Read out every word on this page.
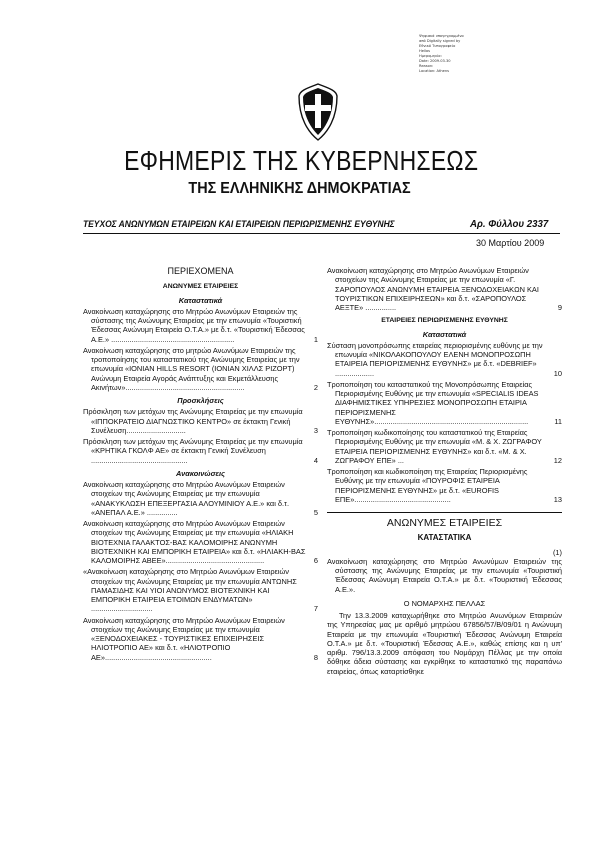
Ψηφιακά υπογεγραμμένο
από Digitally signed by
Εθνικό Τυπογραφείο
Hellas
Ημερομηνία:
Date: 2009.03.30
Reason:
Location: Athens
ΕΦΗΜΕΡΙΣ ΤΗΣ ΚΥΒΕΡΝΗΣΕΩΣ
ΤΗΣ ΕΛΛΗΝΙΚΗΣ ΔΗΜΟΚΡΑΤΙΑΣ
ΤΕΥΧΟΣ ΑΝΩΝΥΜΩΝ ΕΤΑΙΡΕΙΩΝ ΚΑΙ ΕΤΑΙΡΕΙΩΝ ΠΕΡΙΩΡΙΣΜΕΝΗΣ ΕΥΘΥΝΗΣ	Αρ. Φύλλου 2337
30 Μαρτίου 2009
ΠΕΡΙΕΧΟΜΕΝΑ
ΑΝΩΝΥΜΕΣ ΕΤΑΙΡΕΙΕΣ
Καταστατικά
Ανακοίνωση καταχώρησης στο Μητρώο Ανωνύμων Εταιρειών της σύστασης της Ανώνυμης Εταιρείας με την επωνυμία «Τουριστική Έδεσσας Ανώνυμη Εταιρεία Ο.Τ.Α.» με δ.τ. «Τουριστική Έδεσσας Α.Ε.» ............................................................	1
Ανακοίνωση καταχώρησης στο μητρώο Ανωνύμων Εταιρειών της τροποποίησης του καταστατικού της Ανώνυμης Εταιρείας με την επωνυμία «IONIAN HILLS RESORT (ΙΟΝΙΑΝ ΧΙΛΛΣ ΡΙΖΟΡΤ) Ανώνυμη Εταιρεία Αγοράς Ανάπτυξης και Εκμετάλλευσης Ακινήτων»..........................................................	2
Προσκλήσεις
Πρόσκληση των μετόχων της Ανώνυμης Εταιρείας με την επωνυμία «ΙΠΠΟΚΡΑΤΕΙΟ ΔΙΑΓΝΩΣΤΙΚΟ ΚΕΝΤΡΟ» σε έκτακτη Γενική Συνέλευση.............................	3
Πρόσκληση των μετόχων της Ανώνυμης Εταιρείας με την επωνυμία «ΚΡΗΤΙΚΑ ΓΚΟΛΦ ΑΕ» σε έκτακτη Γενική Συνέλευση ...............................................	4
Ανακοινώσεις
Ανακοίνωση καταχώρησης στο Μητρώο Ανωνύμων Εταιρειών στοιχείων της Ανώνυμης Εταιρείας με την επωνυμία «ΑΝΑΚΥΚΛΩΣΗ ΕΠΕΞΕΡΓΑΣΙΑ ΑΛΟΥΜΙΝΙΟΥ Α.Ε.» και δ.τ. «ΑΝΕΠΑΛ Α.Ε.» ...............	5
Ανακοίνωση καταχώρησης στο Μητρώο Ανωνύμων Εταιρειών στοιχείων της Ανώνυμης Εταιρείας με την επωνυμία «ΗΛΙΑΚΗ ΒΙΟΤΕΧΝΙΑ ΓΑΛΑΚΤΟΣ-ΒΑΣ ΚΑΛΟΜΟΙΡΗΣ ΑΝΩΝΥΜΗ ΒΙΟΤΕΧΝΙΚΗ ΚΑΙ ΕΜΠΟΡΙΚΗ ΕΤΑΙΡΕΙΑ» και δ.τ. «ΗΛΙΑΚΗ-ΒΑΣ ΚΑΛΟΜΟΙΡΗΣ ΑΒΕΕ»................................................	6
«Ανακοίνωση καταχώρησης στο Μητρώο Ανωνύμων Εταιρειών στοιχείων της Ανώνυμης Εταιρείας με την επωνυμία ΑΝΤΩΝΗΣ ΠΑΜΑΣΙΔΗΣ ΚΑΙ ΥΙΟΙ ΑΝΩΝΥΜΟΣ ΒΙΟΤΕΧΝΙΚΗ ΚΑΙ ΕΜΠΟΡΙΚΗ ΕΤΑΙΡΕΙΑ ΕΤΟΙΜΩΝ ΕΝΔΥΜΑΤΩΝ» ..............................	7
Ανακοίνωση καταχώρησης στο Μητρώο Ανωνύμων Εταιρειών στοιχείων της Ανώνυμης Εταιρείας με την επωνυμία «ΞΕΝΟΔΟΧΕΙΑΚΕΣ - ΤΟΥΡΙΣΤΙΚΕΣ ΕΠΙΧΕΙΡΗΣΕΙΣ ΗΛΙΟΤΡΟΠΙΟ ΑΕ» και δ.τ. «ΗΛΙΟΤΡΟΠΙΟ ΑΕ»....................................................	8
Ανακοίνωση καταχώρησης στο Μητρώο Ανωνύμων Εταιρειών στοιχείων της Ανώνυμης Εταιρείας με την επωνυμία «Γ. ΣΑΡΟΠΟΥΛΟΣ ΑΝΩΝΥΜΗ ΕΤΑΙΡΕΙΑ ΞΕΝΟΔΟΧΕΙΑΚΩΝ ΚΑΙ ΤΟΥΡΙΣΤΙΚΩΝ ΕΠΙΧΕΙΡΗΣΕΩΝ» και δ.τ. «ΣΑΡΟΠΟΥΛΟΣ ΑΕΞΤΕ» ...............	9
ΕΤΑΙΡΕΙΕΣ ΠΕΡΙΩΡΙΣΜΕΝΗΣ ΕΥΘΥΝΗΣ
Καταστατικά
Σύσταση μονοπρόσωπης εταιρείας περιορισμένης ευθύνης με την επωνυμία «ΝΙΚΟΛΑΚΟΠΟΥΛΟΥ ΕΛΕΝΗ ΜΟΝΟΠΡΟΣΩΠΗ ΕΤΑΙΡΕΙΑ ΠΕΡΙΟΡΙΣΜΕΝΗΣ ΕΥΘΥΝΗΣ» με δ.τ. «DEBRIEF» ...................	10
Τροποποίηση του καταστατικού της Μονοπρόσωπης Εταιρείας Περιορισμένης Ευθύνης με την επωνυμία «SPECIALIS IDEAS ΔΙΑΦΗΜΙΣΤΙΚΕΣ ΥΠΗΡΕΣΙΕΣ ΜΟΝΟΠΡΟΣΩΠΗ ΕΤΑΙΡΙΑ ΠΕΡΙΟΡΙΣΜΕΝΗΣ ΕΥΘΥΝΗΣ»...........................................................................	11
Τροποποίηση κωδικοποίησης του καταστατικού της Εταιρείας Περιορισμένης Ευθύνης με την επωνυμία «Μ. & Χ. ΖΩΓΡΑΦΟΥ ΕΤΑΙΡΕΙΑ ΠΕΡΙΟΡΙΣΜΕΝΗΣ ΕΥΘΥΝΗΣ» και δ.τ. «Μ. & Χ. ΖΩΓΡΑΦΟΥ ΕΠΕ» ...	12
Τροποποίηση και κωδικοποίηση της Εταιρείας Περιορισμένης Ευθύνης με την επωνυμία «ΠΟΥΡΟΦΙΣ ΕΤΑΙΡΕΙΑ ΠΕΡΙΟΡΙΣΜΕΝΗΣ ΕΥΘΥΝΗΣ» με δ.τ. «EUROFIS ΕΠΕ»...............................................	13
ΑΝΩΝΥΜΕΣ ΕΤΑΙΡΕΙΕΣ
ΚΑΤΑΣΤΑΤΙΚΑ
(1)
Ανακοίνωση καταχώρησης στο Μητρώο Ανωνύμων Εταιρειών της σύστασης της Ανώνυμης Εταιρείας με την επωνυμία «Τουριστική Έδεσσας Ανώνυμη Εταιρεία Ο.Τ.Α.» με δ.τ. «Τουριστική Έδεσσας Α.Ε.».
Ο ΝΟΜΑΡΧΗΣ ΠΕΛΛΑΣ
Την 13.3.2009 καταχωρήθηκε στο Μητρώο Ανωνύμων Εταιρειών της Υπηρεσίας μας με αριθμό μητρώου 67856/57/Β/09/01 η Ανώνυμη Εταιρεία με την επωνυμία «Τουριστική Έδεσσας Ανώνυμη Εταιρεία Ο.Τ.Α.» με δ.τ. «Τουριστική Έδεσσας Α.Ε.», καθώς επίσης και η υπ' αριθμ. 796/13.3.2009 απόφαση του Νομάρχη Πέλλας με την οποία δόθηκε άδεια σύστασης και εγκρίθηκε το καταστατικό της παραπάνω εταιρείας, όπως καταρτίσθηκε
